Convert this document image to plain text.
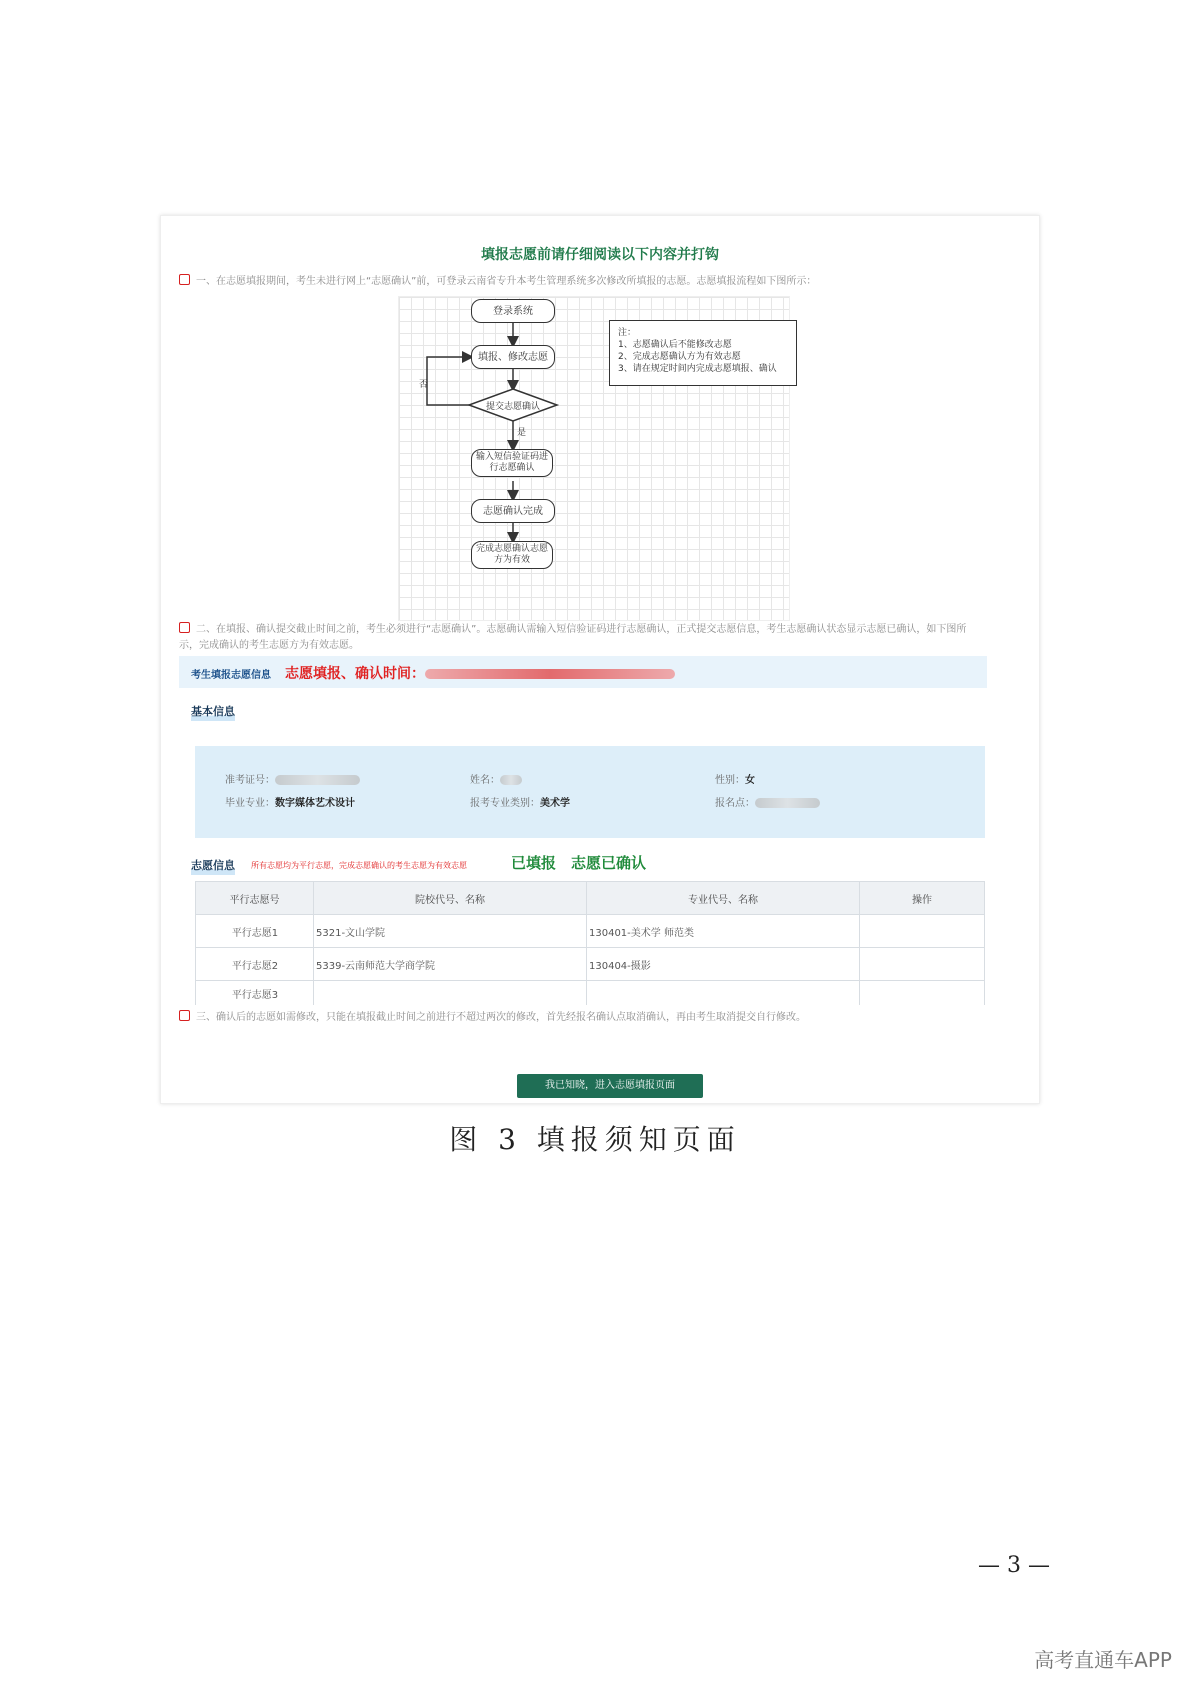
填报志愿前请仔细阅读以下内容并打钩
一、在志愿填报期间，考生未进行网上“志愿确认”前，可登录云南省专升本考生管理系统多次修改所填报的志愿。志愿填报流程如下图所示：
登录系统
填报、修改志愿
提交志愿确认
否
是
输入短信验证码进行志愿确认
志愿确认完成
完成志愿确认志愿方为有效
注：
1、志愿确认后不能修改志愿
2、完成志愿确认方为有效志愿
3、请在规定时间内完成志愿填报、确认
二、在填报、确认提交截止时间之前，考生必须进行“志愿确认”。志愿确认需输入短信验证码进行志愿确认，正式提交志愿信息，考生志愿确认状态显示志愿已确认，如下图所
示，完成确认的考生志愿方为有效志愿。
考生填报志愿信息 志愿填报、确认时间：
基本信息
准考证号：	姓名：	性别：女
毕业专业：数字媒体艺术设计	报考专业类别：美术学	报名点：
志愿信息 所有志愿均为平行志愿，完成志愿确认的考生志愿为有效志愿	已填报 志愿已确认
平行志愿号	院校代号、名称	专业代号、名称	操作
平行志愿1	5321-文山学院	130401-美术学 师范类	
平行志愿2	5339-云南师范大学商学院	130404-摄影	
平行志愿3			
三、确认后的志愿如需修改，只能在填报截止时间之前进行不超过两次的修改，首先经报名确认点取消确认，再由考生取消提交自行修改。
我已知晓，进入志愿填报页面
图 3 填报须知页面
— 3 —
高考直通车APP
